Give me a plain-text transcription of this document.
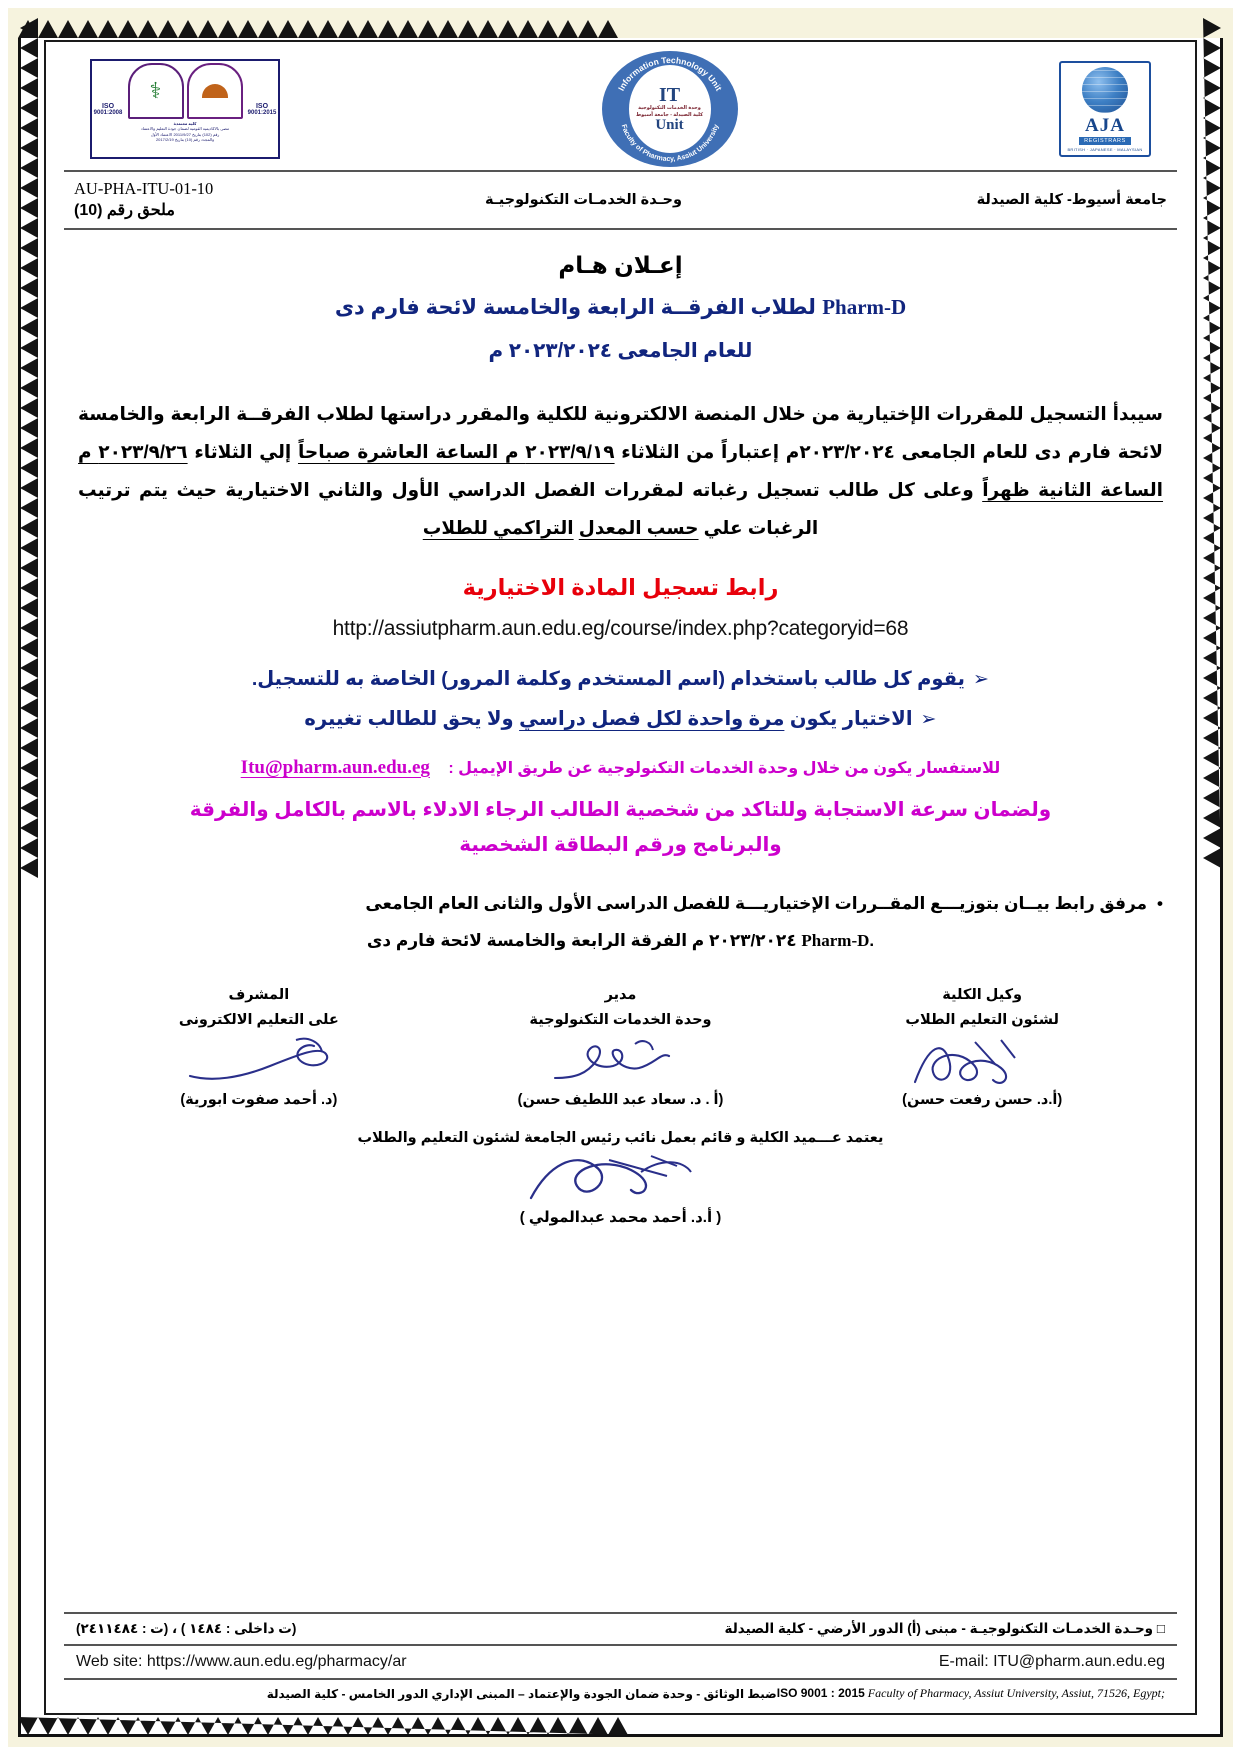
AJA
REGISTRARS
BRITISH · JAPANESE · MALAYSIAN
Information Technology Unit
Faculty of Pharmacy, Assiut University
IT
وحدة الخدمات التكنولوجية
كلية الصيدلة - جامعة أسيوط
Unit
ISO
9001:2015
⚕
كلية معتمدة
مضى بالاكاديمية القومية لضمان جودة التعليم والاعتماد
رقم (102) بتاريخ 2011/9/27 الاعتماد الأول
والمجدد رقم (10) بتاريخ 2017/2/19
ISO
9001:2008
جامعة أسيوط- كلية الصيدلة
وحـدة الخدمـات التكنولوجيـة
AU-PHA-ITU-01-10
ملحق رقم (10)
إعـلان هـام
Pharm-D لطلاب الفرقــة الرابعة والخامسة لائحة فارم دى
للعام الجامعى ٢٠٢٣/٢٠٢٤ م
سيبدأ التسجيل للمقررات الإختيارية من خلال المنصة الالكترونية للكلية والمقرر دراستها لطلاب الفرقــة الرابعة والخامسة لائحة فارم دى للعام الجامعى ٢٠٢٣/٢٠٢٤م إعتباراً من الثلاثاء ٢٠٢٣/٩/١٩ م الساعة العاشرة صباحاً إلي الثلاثاء ٢٠٢٣/٩/٢٦ م الساعة الثانية ظهراً وعلى كل طالب تسجيل رغباته لمقررات الفصل الدراسي الأول والثاني الاختيارية حيث يتم ترتيب الرغبات علي حسب المعدل التراكمي للطلاب
رابط تسجيل المادة الاختيارية
http://assiutpharm.aun.edu.eg/course/index.php?categoryid=68
➢يقوم كل طالب باستخدام (اسم المستخدم وكلمة المرور) الخاصة به للتسجيل.
➢الاختيار يكون مرة واحدة لكل فصل دراسي ولا يحق للطالب تغييره
للاستفسار يكون من خلال وحدة الخدمات التكنولوجية عن طريق الإيميل : Itu@pharm.aun.edu.eg
ولضمان سرعة الاستجابة وللتاكد من شخصية الطالب الرجاء الادلاء بالاسم بالكامل والفرقة
والبرنامج ورقم البطاقة الشخصية
•مرفق رابط بيــان بتوزيـــع المقــررات الإختياريـــة للفصل الدراسى الأول والثانى العام الجامعى
.Pharm-D ٢٠٢٣/٢٠٢٤ م الفرقة الرابعة والخامسة لائحة فارم دى
وكيل الكلية
لشئون التعليم الطلاب
(أ.د. حسن رفعت حسن)
مدير
وحدة الخدمات التكنولوجية
(أ . د. سعاد عبد اللطيف حسن)
المشرف
على التعليم الالكترونى
(د. أحمد صفوت ابورية)
يعتمد عـــميد الكلية و قائم بعمل نائب رئيس الجامعة لشئون التعليم والطلاب
( أ.د. أحمد محمد عبدالمولي )
□ وحـدة الخدمـات التكنولوجيـة - مبنى (أ) الدور الأرضي - كلية الصيدلة
(ت داخلى : ١٤٨٤ ) ، (ت : ٢٤١١٤٨٤)
Web site: https://www.aun.edu.eg/pharmacy/ar	E-mail: ITU@pharm.aun.edu.eg
ISO 9001 : 2015 Faculty of Pharmacy, Assiut University, Assiut, 71526, Egypt;
ضبط الوثائق - وحدة ضمان الجودة والإعتماد – المبنى الإداري الدور الخامس - كلية الصيدلة
